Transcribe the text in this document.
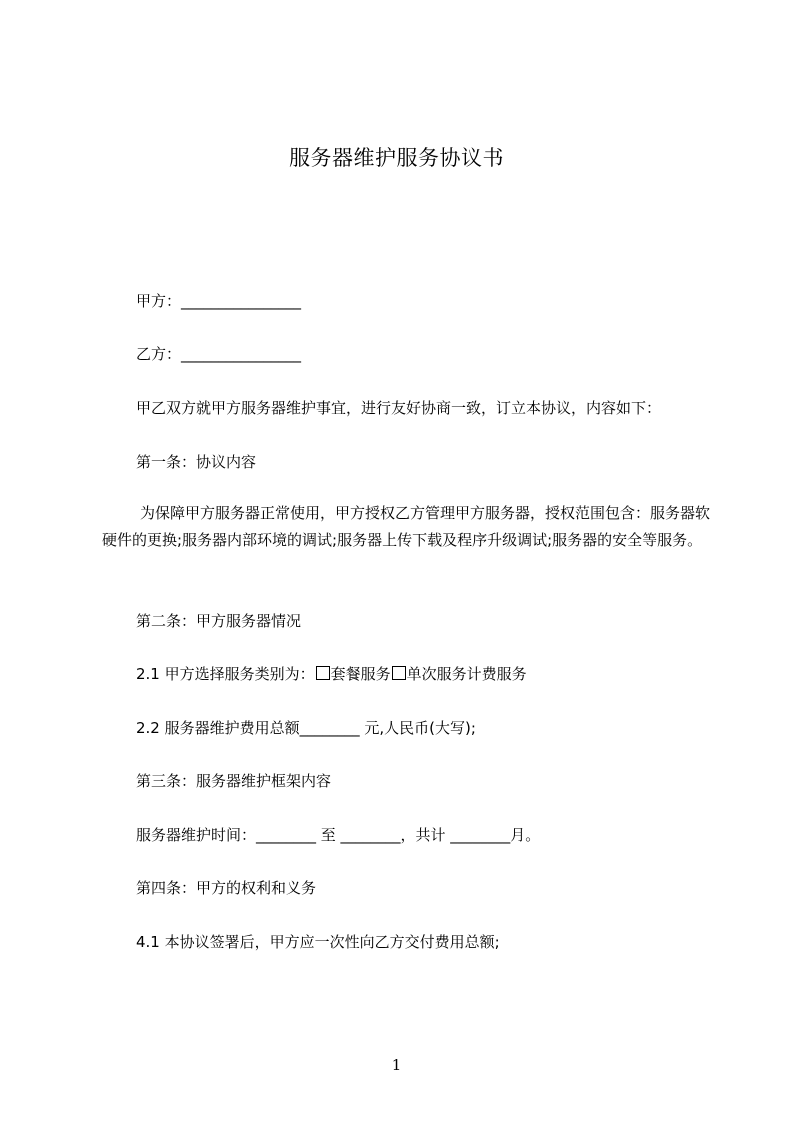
服务器维护服务协议书
甲方：________________
乙方：________________
甲乙双方就甲方服务器维护事宜，进行友好协商一致，订立本协议，内容如下：
第一条：协议内容
为保障甲方服务器正常使用，甲方授权乙方管理甲方服务器，授权范围包含：服务器软硬件的更换;服务器内部环境的调试;服务器上传下载及程序升级调试;服务器的安全等服务。
第二条：甲方服务器情况
2.1 甲方选择服务类别为： 套餐服务 单次服务计费服务
2.2 服务器维护费用总额________ 元,人民币(大写);
第三条：服务器维护框架内容
服务器维护时间：________ 至 ________，共计 ________月。
第四条：甲方的权利和义务
4.1 本协议签署后，甲方应一次性向乙方交付费用总额;
1
